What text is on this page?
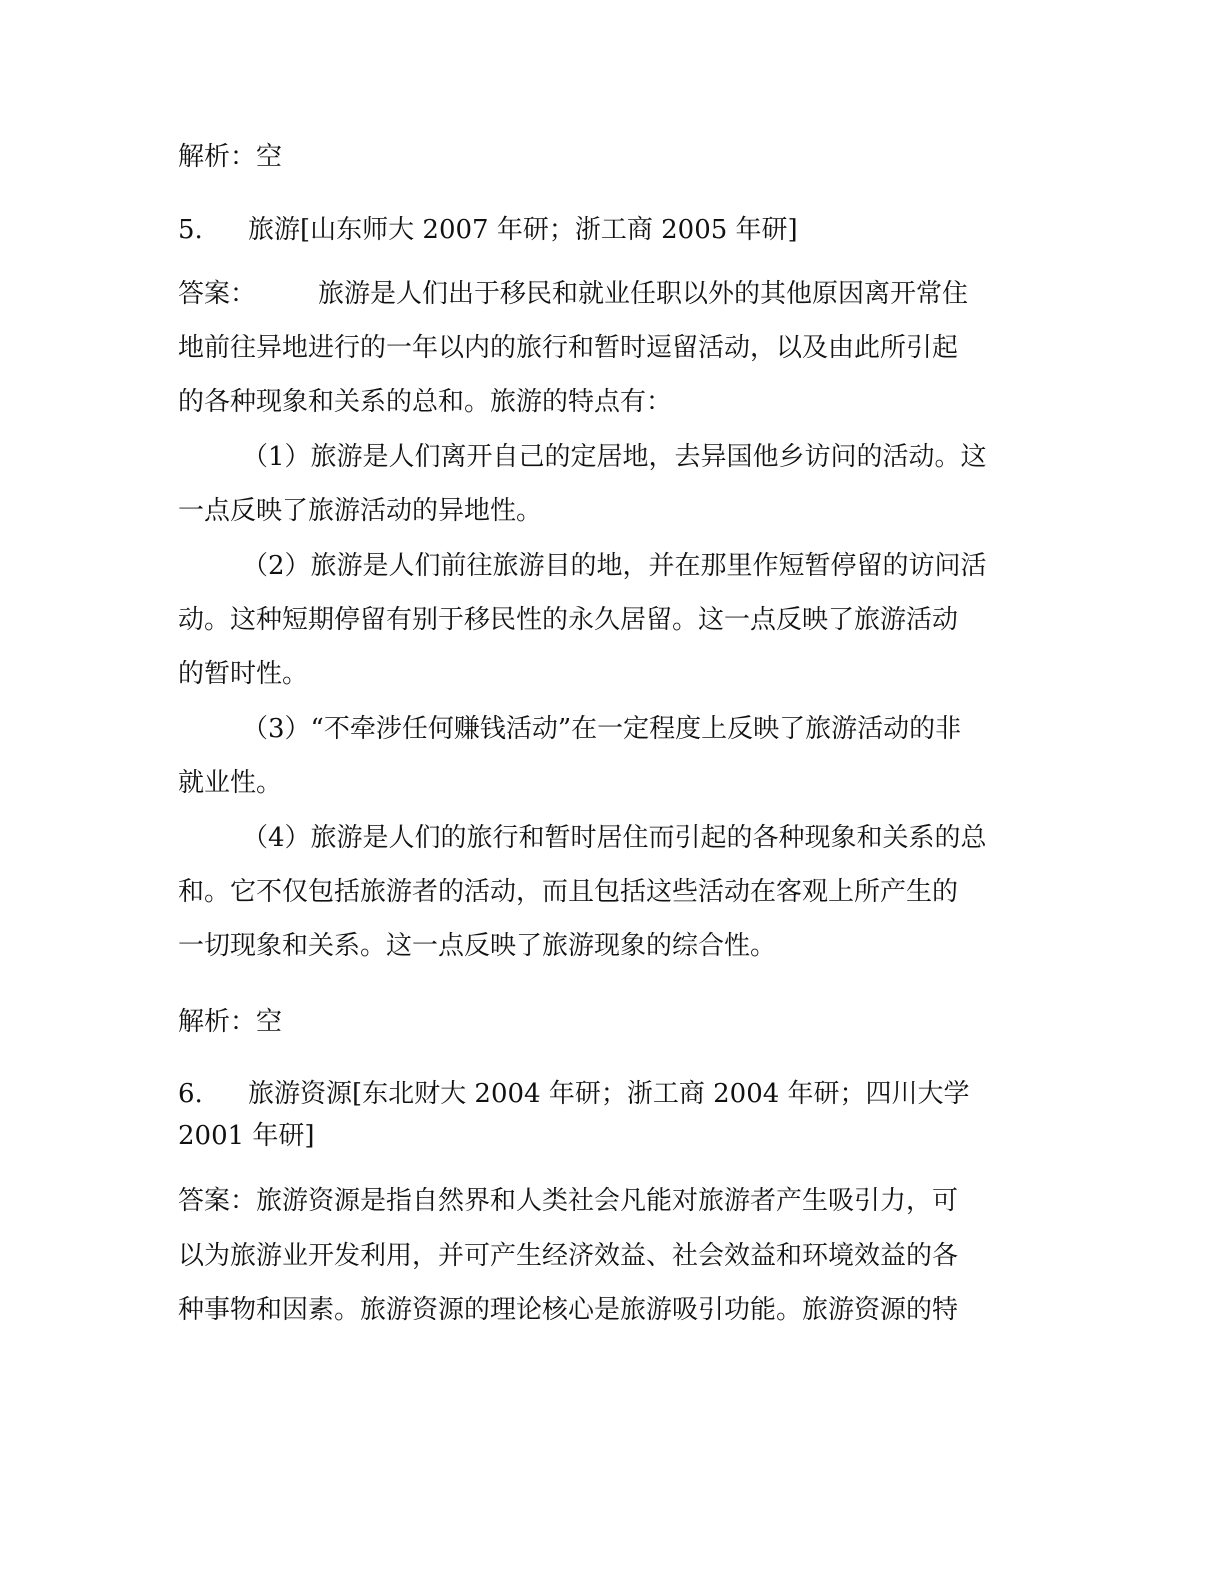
解析：空
5. 旅游[山东师大 2007 年研；浙工商 2005 年研]
答案： 旅游是人们出于移民和就业任职以外的其他原因离开常住
地前往异地进行的一年以内的旅行和暂时逗留活动，以及由此所引起
的各种现象和关系的总和。旅游的特点有：
（1）旅游是人们离开自己的定居地，去异国他乡访问的活动。这
一点反映了旅游活动的异地性。
（2）旅游是人们前往旅游目的地，并在那里作短暂停留的访问活
动。这种短期停留有别于移民性的永久居留。这一点反映了旅游活动
的暂时性。
（3）“不牵涉任何赚钱活动”在一定程度上反映了旅游活动的非
就业性。
（4）旅游是人们的旅行和暂时居住而引起的各种现象和关系的总
和。它不仅包括旅游者的活动，而且包括这些活动在客观上所产生的
一切现象和关系。这一点反映了旅游现象的综合性。
解析：空
6. 旅游资源[东北财大 2004 年研；浙工商 2004 年研；四川大学
2001 年研]
答案：旅游资源是指自然界和人类社会凡能对旅游者产生吸引力，可
以为旅游业开发利用，并可产生经济效益、社会效益和环境效益的各
种事物和因素。旅游资源的理论核心是旅游吸引功能。旅游资源的特
